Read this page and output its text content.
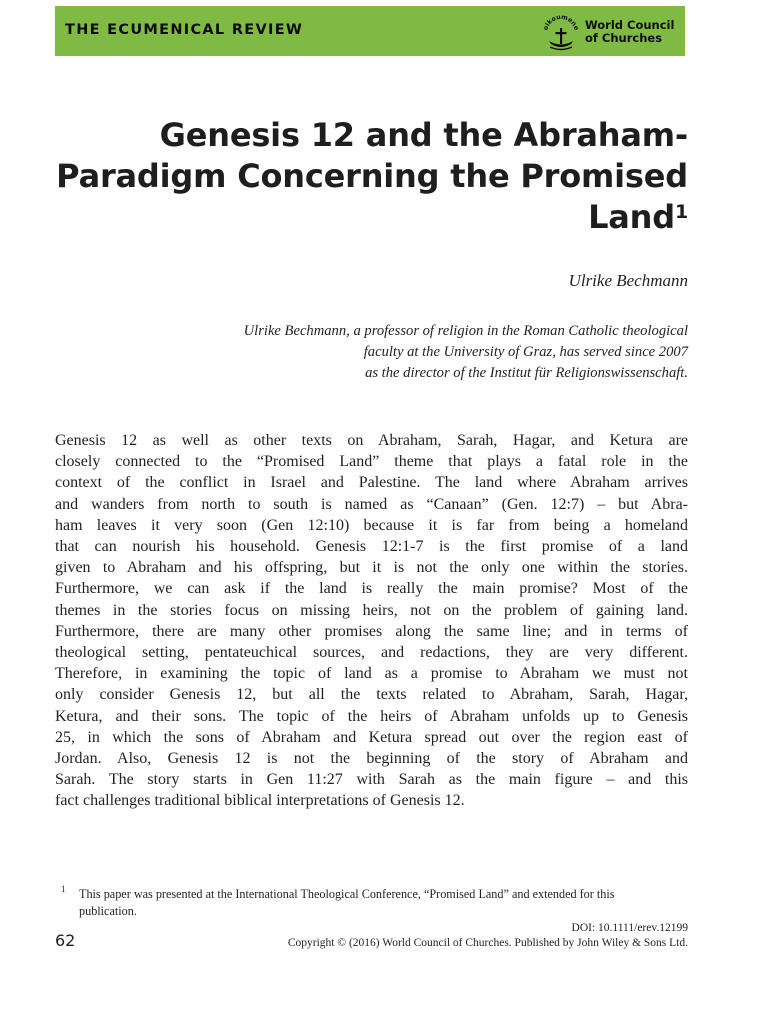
THE ECUMENICAL REVIEW	oikoumene World Council
of Churches
Genesis 12 and the Abraham-
Paradigm Concerning the Promised
Land$^1$
Ulrike Bechmann
Ulrike Bechmann, a professor of religion in the Roman Catholic theological
faculty at the University of Graz, has served since 2007
as the director of the Institut für Religionswissenschaft.
Genesis 12 as well as other texts on Abraham, Sarah, Hagar, and Ketura are
closely connected to the “Promised Land” theme that plays a fatal role in the
context of the conflict in Israel and Palestine. The land where Abraham arrives
and wanders from north to south is named as “Canaan” (Gen. 12:7) – but Abra-
ham leaves it very soon (Gen 12:10) because it is far from being a homeland
that can nourish his household. Genesis 12:1-7 is the first promise of a land
given to Abraham and his offspring, but it is not the only one within the stories.
Furthermore, we can ask if the land is really the main promise? Most of the
themes in the stories focus on missing heirs, not on the problem of gaining land.
Furthermore, there are many other promises along the same line; and in terms of
theological setting, pentateuchical sources, and redactions, they are very different.
Therefore, in examining the topic of land as a promise to Abraham we must not
only consider Genesis 12, but all the texts related to Abraham, Sarah, Hagar,
Ketura, and their sons. The topic of the heirs of Abraham unfolds up to Genesis
25, in which the sons of Abraham and Ketura spread out over the region east of
Jordan. Also, Genesis 12 is not the beginning of the story of Abraham and
Sarah. The story starts in Gen 11:27 with Sarah as the main figure – and this
fact challenges traditional biblical interpretations of Genesis 12.
1 This paper was presented at the International Theological Conference, “Promised Land” and extended for this
publication.
62
DOI: 10.1111/erev.12199
Copyright © (2016) World Council of Churches. Published by John Wiley & Sons Ltd.
